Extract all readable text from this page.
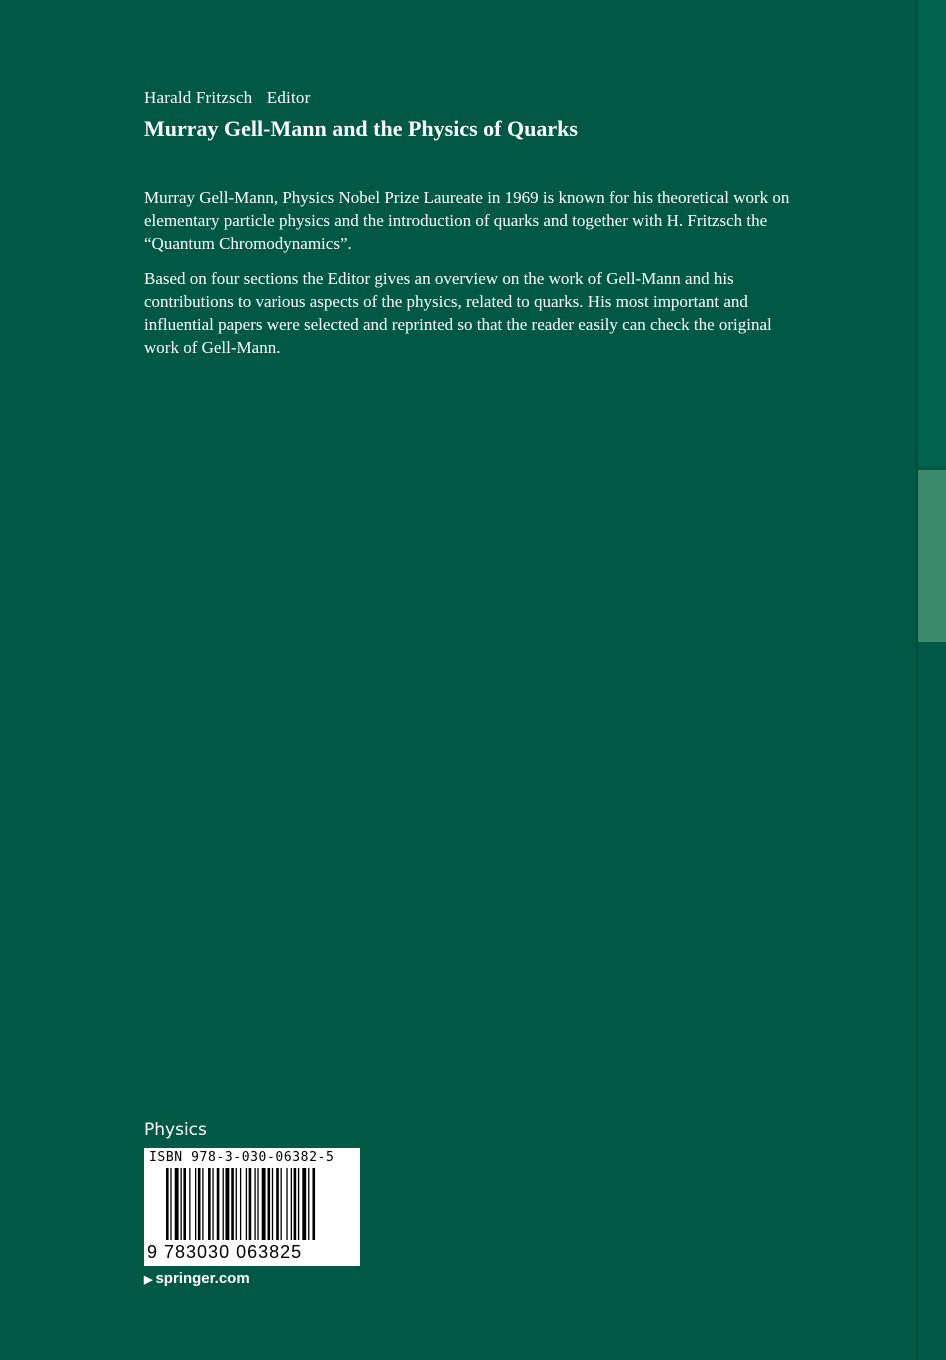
Harald Fritzsch Editor
Murray Gell-Mann and the Physics of Quarks

Murray Gell-Mann, Physics Nobel Prize Laureate in 1969 is known for his theoretical work on elementary particle physics and the introduction of quarks and together with H. Fritzsch the “Quantum Chromodynamics”.

Based on four sections the Editor gives an overview on the work of Gell-Mann and his contributions to various aspects of the physics, related to quarks. His most important and influential papers were selected and reprinted so that the reader easily can check the original work of Gell-Mann.

Physics
ISBN 978-3-030-06382-5
9 783030 063825
▶ springer.com
